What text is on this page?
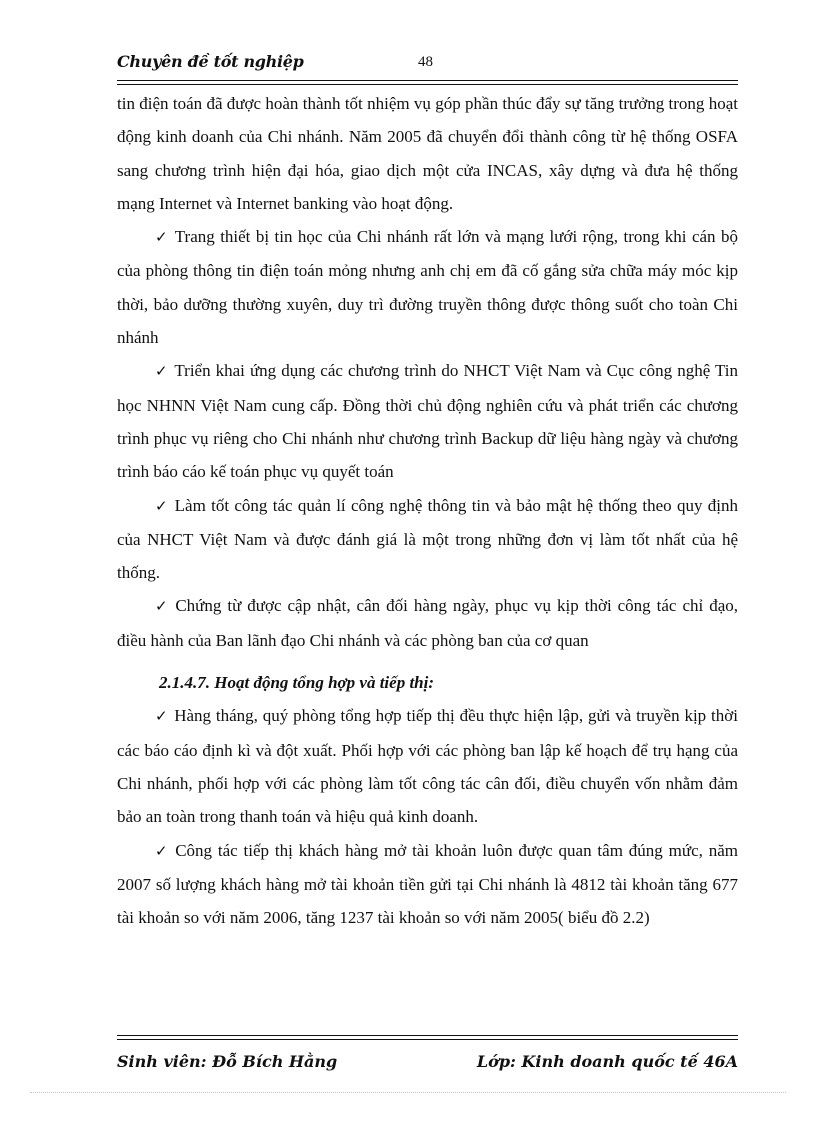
Chuyên đề tốt nghiệp	48

tin điện toán đã được hoàn thành tốt nhiệm vụ góp phần thúc đẩy sự tăng trưởng trong hoạt động kinh doanh của Chi nhánh. Năm 2005 đã chuyển đổi thành công từ hệ thống OSFA sang chương trình hiện đại hóa, giao dịch một cửa INCAS, xây dựng và đưa hệ thống mạng Internet và Internet banking vào hoạt động.

✓ Trang thiết bị tin học của Chi nhánh rất lớn và mạng lưới rộng, trong khi cán bộ của phòng thông tin điện toán mỏng nhưng anh chị em đã cố gắng sửa chữa máy móc kịp thời, bảo dưỡng thường xuyên, duy trì đường truyền thông được thông suốt cho toàn Chi nhánh

✓ Triển khai ứng dụng các chương trình do NHCT Việt Nam và Cục công nghệ Tin học NHNN Việt Nam cung cấp. Đồng thời chủ động nghiên cứu và phát triển các chương trình phục vụ riêng cho Chi nhánh như chương trình Backup dữ liệu hàng ngày và chương trình báo cáo kế toán phục vụ quyết toán

✓ Làm tốt công tác quản lí công nghệ thông tin và bảo mật hệ thống theo quy định của NHCT Việt Nam và được đánh giá là một trong những đơn vị làm tốt nhất của hệ thống.

✓ Chứng từ được cập nhật, cân đối hàng ngày, phục vụ kịp thời công tác chỉ đạo, điều hành của Ban lãnh đạo Chi nhánh và các phòng ban của cơ quan

2.1.4.7. Hoạt động tổng hợp và tiếp thị:

✓ Hàng tháng, quý phòng tổng hợp tiếp thị đều thực hiện lập, gửi và truyền kịp thời các báo cáo định kì và đột xuất. Phối hợp với các phòng ban lập kế hoạch để trụ hạng của Chi nhánh, phối hợp với các phòng làm tốt công tác cân đối, điều chuyển vốn nhằm đảm bảo an toàn trong thanh toán và hiệu quả kinh doanh.

✓ Công tác tiếp thị khách hàng mở tài khoản luôn được quan tâm đúng mức, năm 2007 số lượng khách hàng mở tài khoản tiền gửi tại Chi nhánh là 4812 tài khoản tăng 677 tài khoản so với năm 2006, tăng 1237 tài khoản so với năm 2005( biểu đồ 2.2)

Sinh viên: Đỗ Bích Hằng	Lớp: Kinh doanh quốc tế 46A
